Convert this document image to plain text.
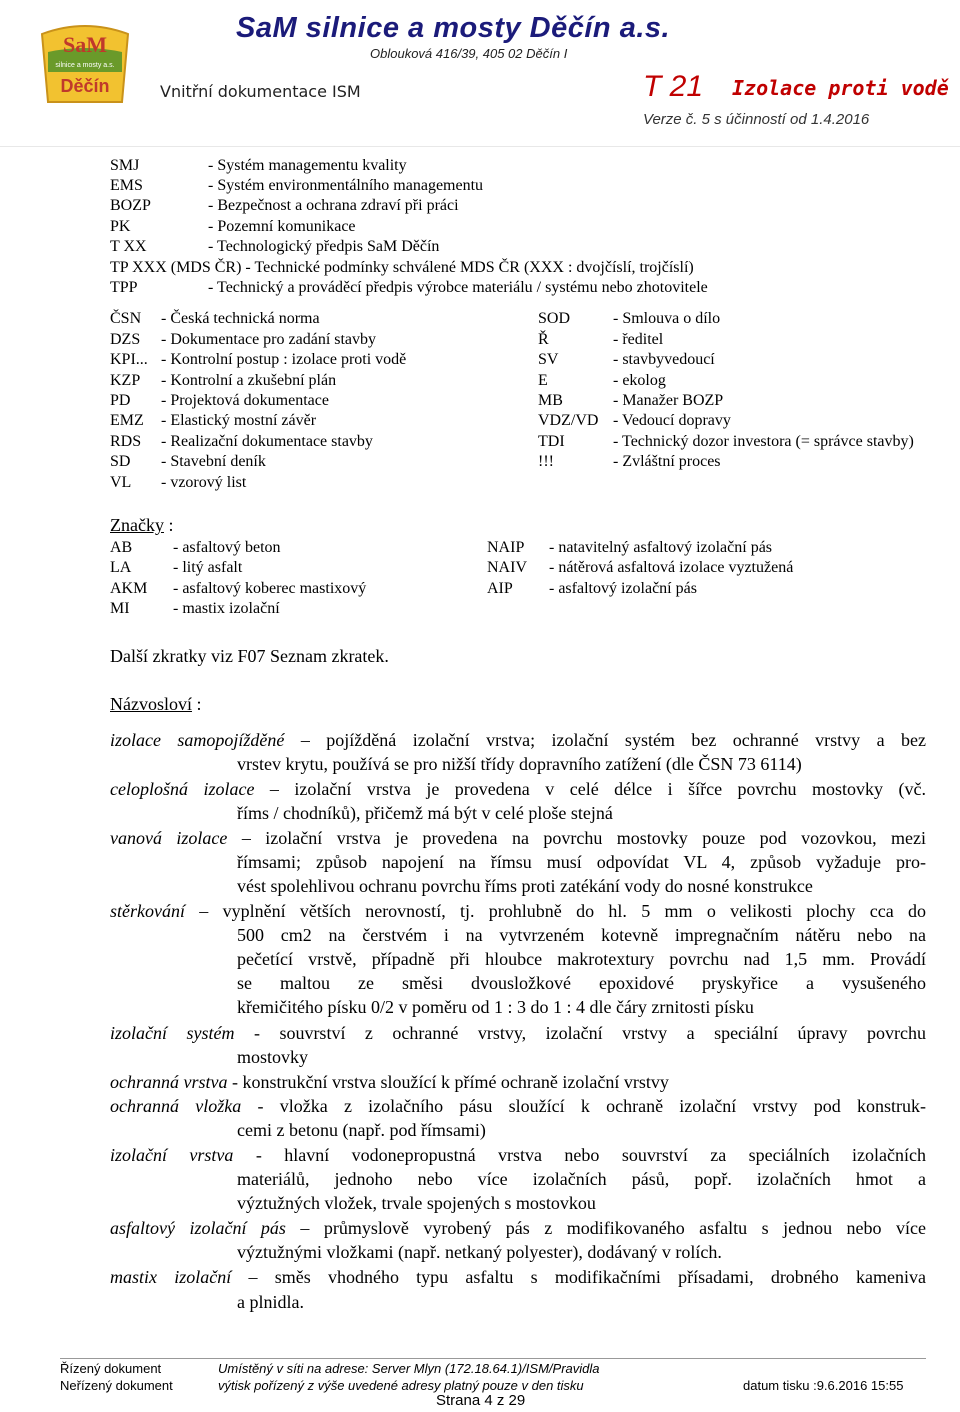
SaM
silnice a mosty a.s.
Děčín
SaM silnice a mosty Děčín a.s.
Oblouková 416/39, 405 02 Děčín I
Vnitřní dokumentace ISM	T 21 Izolace proti vodě
Verze č. 5 s účinností od 1.4.2016
SMJ	- Systém managementu kvality
EMS	- Systém environmentálního managementu
BOZP	- Bezpečnost a ochrana zdraví při práci
PK	- Pozemní komunikace
T XX	- Technologický předpis SaM Děčín
TP XXX (MDS ČR) - Technické podmínky schválené MDS ČR (XXX : dvojčíslí, trojčíslí)
TPP	- Technický a prováděcí předpis výrobce materiálu / systému nebo zhotovitele
ČSN - Česká technická norma
DZS - Dokumentace pro zadání stavby
KPI... - Kontrolní postup : izolace proti vodě
KZP - Kontrolní a zkušební plán
PD - Projektová dokumentace
EMZ - Elastický mostní závěr
RDS - Realizační dokumentace stavby
SD - Stavební deník
VL - vzorový list
SOD	- Smlouva o dílo
Ř	- ředitel
SV	- stavbyvedoucí
E	- ekolog
MB	- Manažer BOZP
VDZ/VD - Vedoucí dopravy
TDI	- Technický dozor investora (= správce stavby)
!!!	- Zvláštní proces
Značky :
AB	- asfaltový beton
LA	- litý asfalt
AKM - asfaltový koberec mastixový
MI	- mastix izolační
NAIP - natavitelný asfaltový izolační pás
NAIV - nátěrová asfaltová izolace vyztužená
AIP - asfaltový izolační pás
Další zkratky viz F07 Seznam zkratek.
Názvosloví :
izolace samopojížděné – pojížděná izolační vrstva; izolační systém bez ochranné vrstvy a bez
vrstev krytu, používá se pro nižší třídy dopravního zatížení (dle ČSN 73 6114)
celoplošná izolace – izolační vrstva je provedena v celé délce i šířce povrchu mostovky (vč.
říms / chodníků), přičemž má být v celé ploše stejná
vanová izolace – izolační vrstva je provedena na povrchu mostovky pouze pod vozovkou, mezi
římsami; způsob napojení na římsu musí odpovídat VL 4, způsob vyžaduje pro-
vést spolehlivou ochranu povrchu říms proti zatékání vody do nosné konstrukce
stěrkování – vyplnění větších nerovností, tj. prohlubně do hl. 5 mm o velikosti plochy cca do
500 cm2 na čerstvém i na vytvrzeném kotevně impregnačním nátěru nebo na
pečetící vrstvě, případně při hloubce makrotextury povrchu nad 1,5 mm. Provádí
se maltou ze směsi dvousložkové epoxidové pryskyřice a vysušeného
křemičitého písku 0/2 v poměru od 1 : 3 do 1 : 4 dle čáry zrnitosti písku
izolační systém - souvrství z ochranné vrstvy, izolační vrstvy a speciální úpravy povrchu
mostovky
ochranná vrstva - konstrukční vrstva sloužící k přímé ochraně izolační vrstvy
ochranná vložka - vložka z izolačního pásu sloužící k ochraně izolační vrstvy pod konstruk-
cemi z betonu (např. pod římsami)
izolační vrstva - hlavní vodonepropustná vrstva nebo souvrství za speciálních izolačních
materiálů, jednoho nebo více izolačních pásů, popř. izolačních hmot a
výztužných vložek, trvale spojených s mostovkou
asfaltový izolační pás – průmyslově vyrobený pás z modifikovaného asfaltu s jednou nebo více
výztužnými vložkami (např. netkaný polyester), dodávaný v rolích.
mastix izolační – směs vhodného typu asfaltu s modifikačními přísadami, drobného kameniva
a plnidla.
Řízený dokument	Umístěný v síti na adrese: Server Mlyn (172.18.64.1)/ISM/Pravidla
Neřízený dokument	výtisk pořízený z výše uvedené adresy platný pouze v den tisku	datum tisku :9.6.2016 15:55
Strana 4 z 29
